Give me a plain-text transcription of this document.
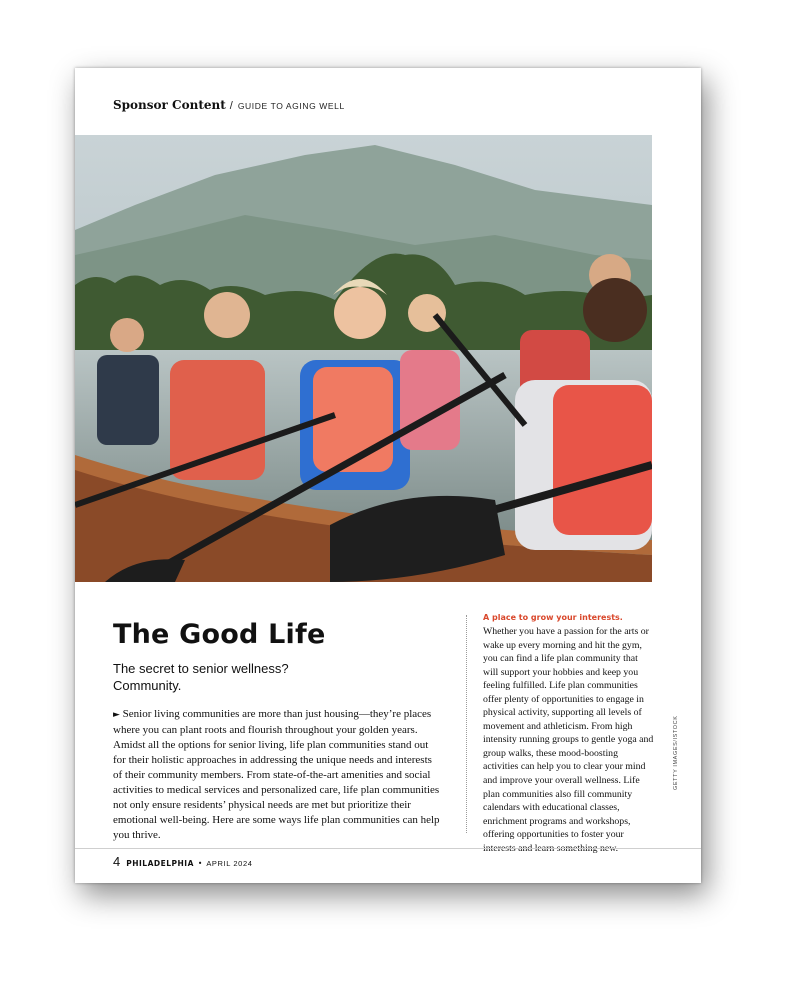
Sponsor Content / GUIDE TO AGING WELL
The Good Life
The secret to senior wellness? Community.
► Senior living communities are more than just housing—they’re places where you can plant roots and flourish throughout your golden years. Amidst all the options for senior living, life plan communities stand out for their holistic approaches in addressing the unique needs and interests of their community members. From state-of-the-art amenities and social activities to medical services and personalized care, life plan communities not only ensure residents’ physical needs are met but prioritize their emotional well-being. Here are some ways life plan communities can help you thrive.
A place to grow your interests.
Whether you have a passion for the arts or wake up every morning and hit the gym, you can find a life plan community that will support your hobbies and keep you feeling fulfilled. Life plan communities offer plenty of opportunities to engage in physical activity, supporting all levels of movement and athleticism. From high intensity running groups to gentle yoga and group walks, these mood-boosting activities can help you to clear your mind and improve your overall wellness. Life plan communities also fill community calendars with educational classes, enrichment programs and workshops, offering opportunities to foster your interests and learn something new.
GETTY IMAGES/ISTOCK
4 PHILADELPHIA • APRIL 2024
